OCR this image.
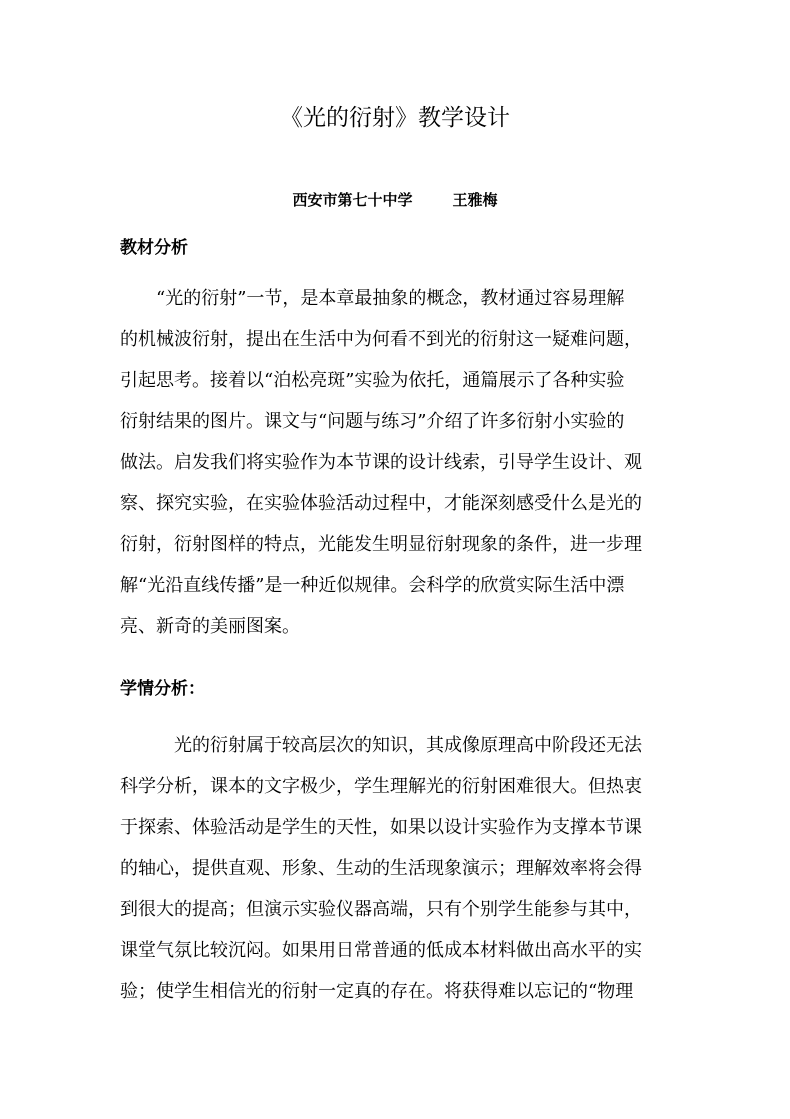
《光的衍射》教学设计
西安市第七十中学	王雅梅
教材分析

　　“光的衍射”一节，是本章最抽象的概念，教材通过容易理解
的机械波衍射，提出在生活中为何看不到光的衍射这一疑难问题，
引起思考。接着以“泊松亮斑”实验为依托，通篇展示了各种实验
衍射结果的图片。课文与“问题与练习”介绍了许多衍射小实验的
做法。启发我们将实验作为本节课的设计线索，引导学生设计、观
察、探究实验，在实验体验活动过程中，才能深刻感受什么是光的
衍射，衍射图样的特点，光能发生明显衍射现象的条件，进一步理
解“光沿直线传播”是一种近似规律。会科学的欣赏实际生活中漂
亮、新奇的美丽图案。

学情分析：

　　　光的衍射属于较高层次的知识，其成像原理高中阶段还无法
科学分析，课本的文字极少，学生理解光的衍射困难很大。但热衷
于探索、体验活动是学生的天性，如果以设计实验作为支撑本节课
的轴心，提供直观、形象、生动的生活现象演示；理解效率将会得
到很大的提高；但演示实验仪器高端，只有个别学生能参与其中，
课堂气氛比较沉闷。如果用日常普通的低成本材料做出高水平的实
验；使学生相信光的衍射一定真的存在。将获得难以忘记的“物理
